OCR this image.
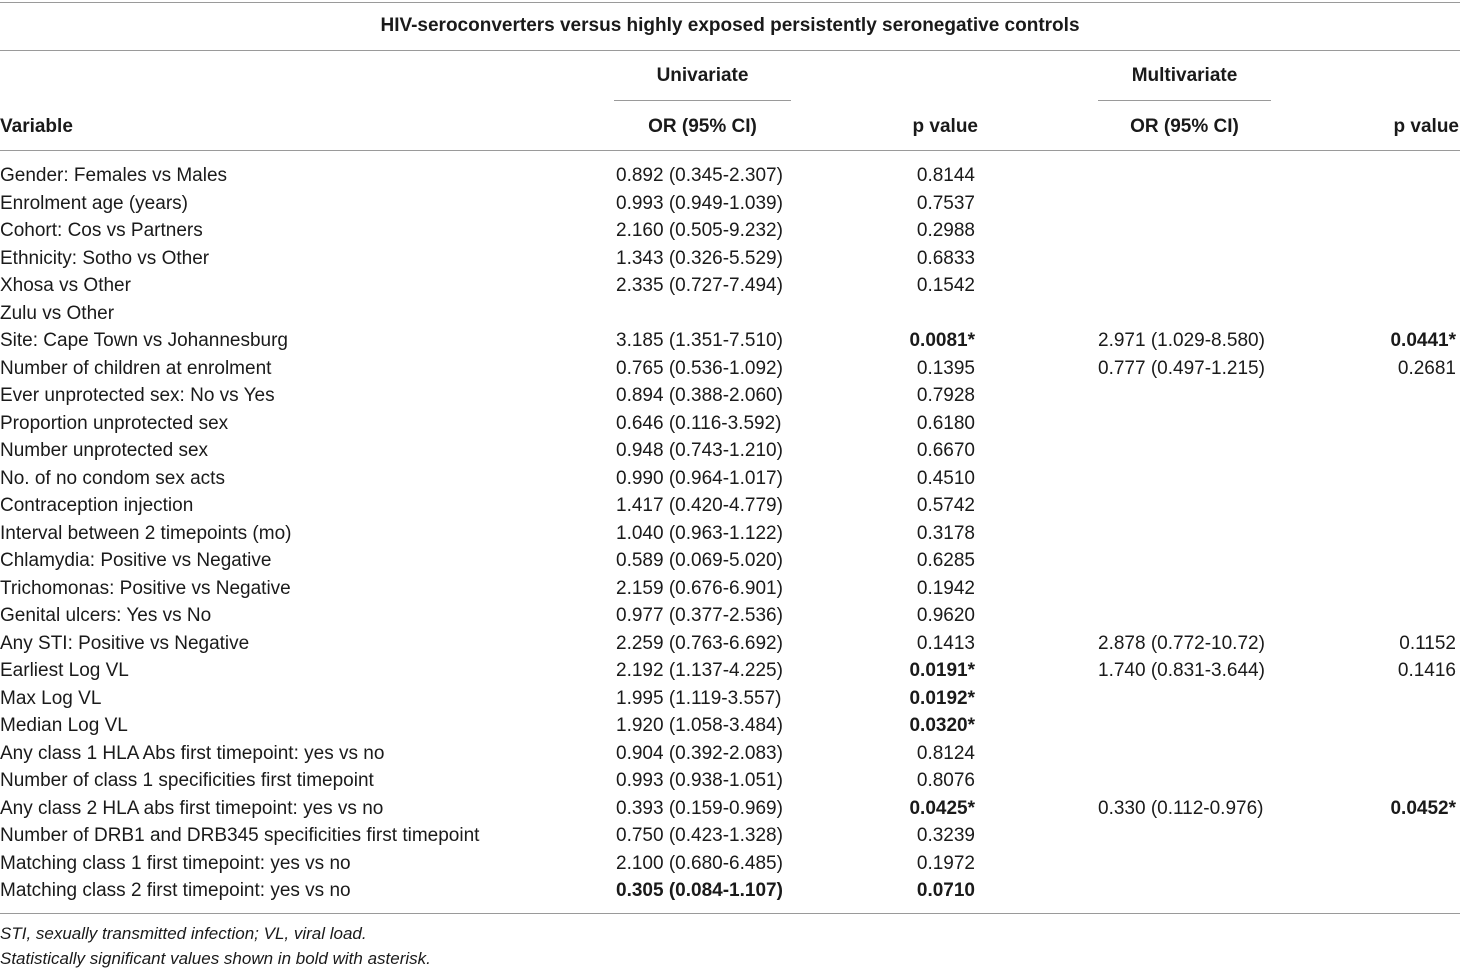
HIV-seroconverters versus highly exposed persistently seronegative controls
Univariate	Multivariate
Variable	OR (95% CI)	p value	OR (95% CI)	p value
Gender: Females vs Males	0.892 (0.345-2.307)	0.8144
Enrolment age (years)	0.993 (0.949-1.039)	0.7537
Cohort: Cos vs Partners	2.160 (0.505-9.232)	0.2988
Ethnicity: Sotho vs Other	1.343 (0.326-5.529)	0.6833
Xhosa vs Other	2.335 (0.727-7.494)	0.1542
Zulu vs Other
Site: Cape Town vs Johannesburg	3.185 (1.351-7.510)	0.0081*	2.971 (1.029-8.580)	0.0441*
Number of children at enrolment	0.765 (0.536-1.092)	0.1395	0.777 (0.497-1.215)	0.2681
Ever unprotected sex: No vs Yes	0.894 (0.388-2.060)	0.7928
Proportion unprotected sex	0.646 (0.116-3.592)	0.6180
Number unprotected sex	0.948 (0.743-1.210)	0.6670
No. of no condom sex acts	0.990 (0.964-1.017)	0.4510
Contraception injection	1.417 (0.420-4.779)	0.5742
Interval between 2 timepoints (mo)	1.040 (0.963-1.122)	0.3178
Chlamydia: Positive vs Negative	0.589 (0.069-5.020)	0.6285
Trichomonas: Positive vs Negative	2.159 (0.676-6.901)	0.1942
Genital ulcers: Yes vs No	0.977 (0.377-2.536)	0.9620
Any STI: Positive vs Negative	2.259 (0.763-6.692)	0.1413	2.878 (0.772-10.72)	0.1152
Earliest Log VL	2.192 (1.137-4.225)	0.0191*	1.740 (0.831-3.644)	0.1416
Max Log VL	1.995 (1.119-3.557)	0.0192*
Median Log VL	1.920 (1.058-3.484)	0.0320*
Any class 1 HLA Abs first timepoint: yes vs no	0.904 (0.392-2.083)	0.8124
Number of class 1 specificities first timepoint	0.993 (0.938-1.051)	0.8076
Any class 2 HLA abs first timepoint: yes vs no	0.393 (0.159-0.969)	0.0425*	0.330 (0.112-0.976)	0.0452*
Number of DRB1 and DRB345 specificities first timepoint	0.750 (0.423-1.328)	0.3239
Matching class 1 first timepoint: yes vs no	2.100 (0.680-6.485)	0.1972
Matching class 2 first timepoint: yes vs no	0.305 (0.084-1.107)	0.0710
STI, sexually transmitted infection; VL, viral load.
Statistically significant values shown in bold with asterisk.
